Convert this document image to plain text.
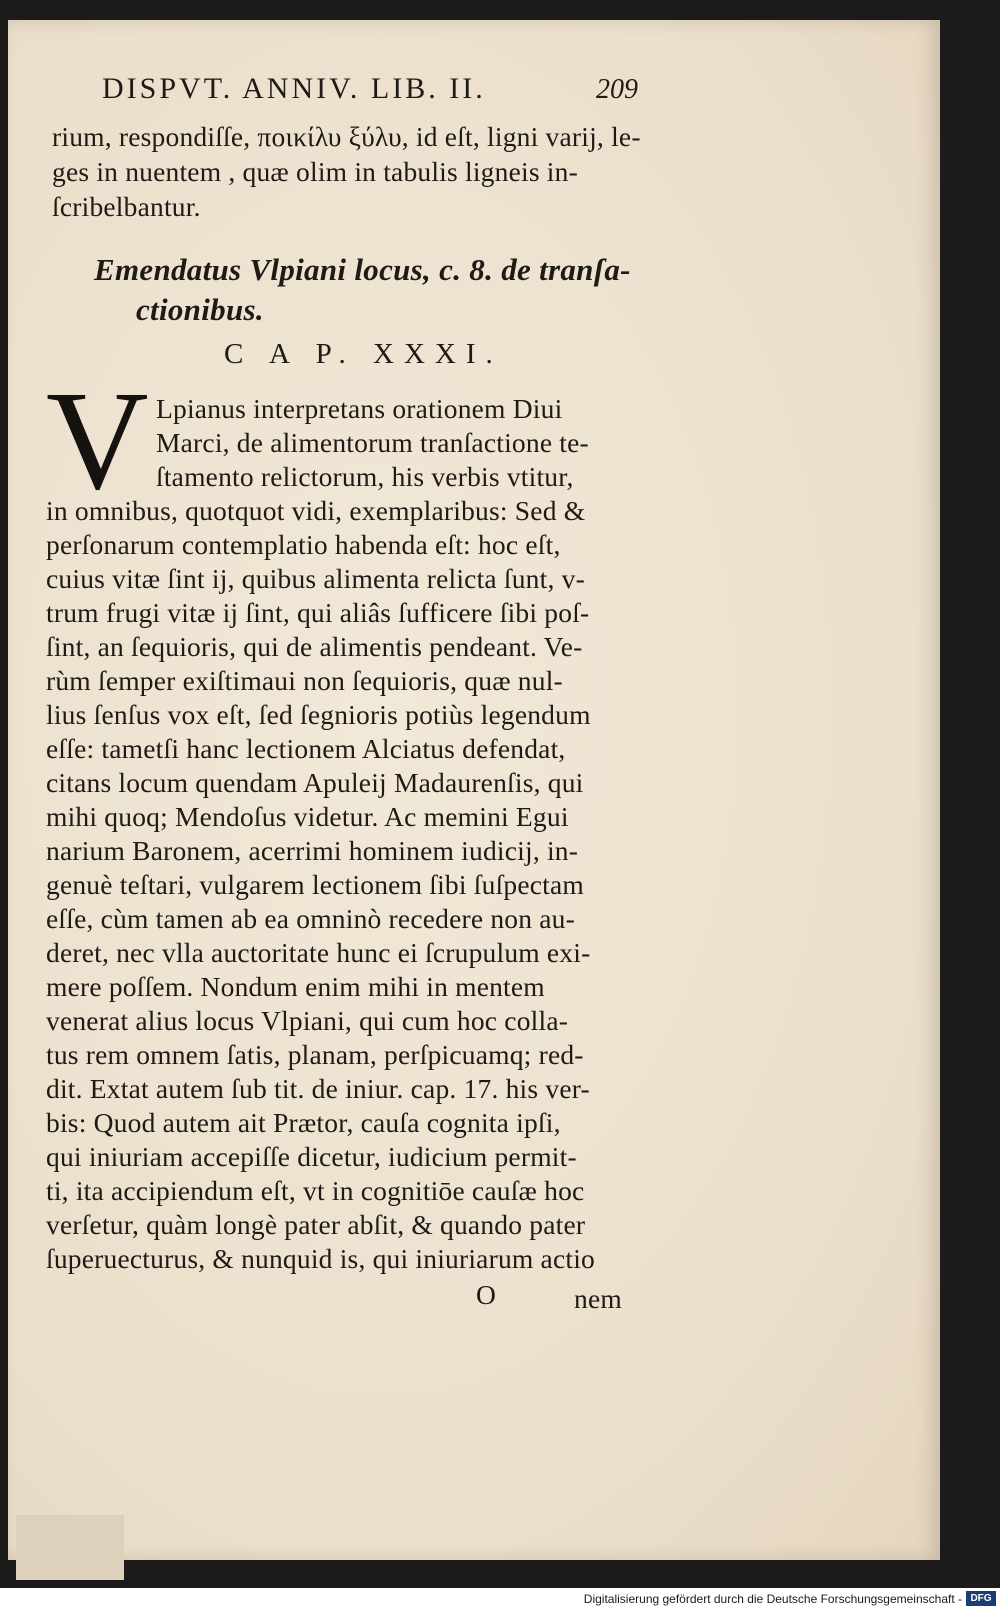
DISPVT. ANNIV. LIB. II.	209
rium, respondiſſe, ποικίλυ ξύλυ, id eſt, ligni varij, le-
ges in nuentem , quæ olim in tabulis ligneis in-
ſcribelbantur.
Emendatus Vlpiani locus, c. 8. de tranſa-
ctionibus.
C A P. XXXI.
V Lpianus interpretans orationem Diui
Marci, de alimentorum tranſactione te-
ſtamento relictorum, his verbis vtitur,
in omnibus, quotquot vidi, exemplaribus: Sed &
perſonarum contemplatio habenda eſt: hoc eſt,
cuius vitæ ſint ij, quibus alimenta relicta ſunt, v-
trum frugi vitæ ij ſint, qui aliâs ſufficere ſibi poſ-
ſint, an ſequioris, qui de alimentis pendeant. Ve-
rùm ſemper exiſtimaui non ſequioris, quæ nul-
lius ſenſus vox eſt, ſed ſegnioris potiùs legendum
eſſe: tametſi hanc lectionem Alciatus defendat,
citans locum quendam Apuleij Madaurenſis, qui
mihi quoq; Mendoſus videtur. Ac memini Egui
narium Baronem, acerrimi hominem iudicij, in-
genuè teſtari, vulgarem lectionem ſibi ſuſpectam
eſſe, cùm tamen ab ea omninò recedere non au-
deret, nec vlla auctoritate hunc ei ſcrupulum exi-
mere poſſem. Nondum enim mihi in mentem
venerat alius locus Vlpiani, qui cum hoc colla-
tus rem omnem ſatis, planam, perſpicuamq; red-
dit. Extat autem ſub tit. de iniur. cap. 17. his ver-
bis: Quod autem ait Prætor, cauſa cognita ipſi,
qui iniuriam accepiſſe dicetur, iudicium permit-
ti, ita accipiendum eſt, vt in cognitiōe cauſæ hoc
verſetur, quàm longè pater abſit, & quando pater
ſuperuecturus, & nunquid is, qui iniuriarum actio
O	nem
Digitalisierung gefördert durch die Deutsche Forschungsgemeinschaft - DFG
